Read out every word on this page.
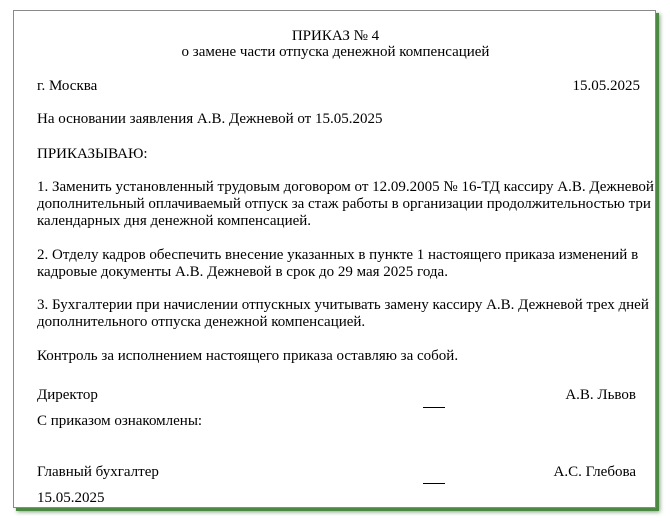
ПРИКАЗ № 4
о замене части отпуска денежной компенсацией
г. Москва	15.05.2025
На основании заявления А.В. Дежневой от 15.05.2025
ПРИКАЗЫВАЮ:
1. Заменить установленный трудовым договором от 12.09.2005 № 16-ТД кассиру А.В. Дежневой
дополнительный оплачиваемый отпуск за стаж работы в организации продолжительностью три
календарных дня денежной компенсацией.
2. Отделу кадров обеспечить внесение указанных в пункте 1 настоящего приказа изменений в
кадровые документы А.В. Дежневой в срок до 29 мая 2025 года.
3. Бухгалтерии при начислении отпускных учитывать замену кассиру А.В. Дежневой трех дней
дополнительного отпуска денежной компенсацией.
Контроль за исполнением настоящего приказа оставляю за собой.
Директор	А.В. Львов
С приказом ознакомлены:
Главный бухгалтер	А.С. Глебова
15.05.2025
